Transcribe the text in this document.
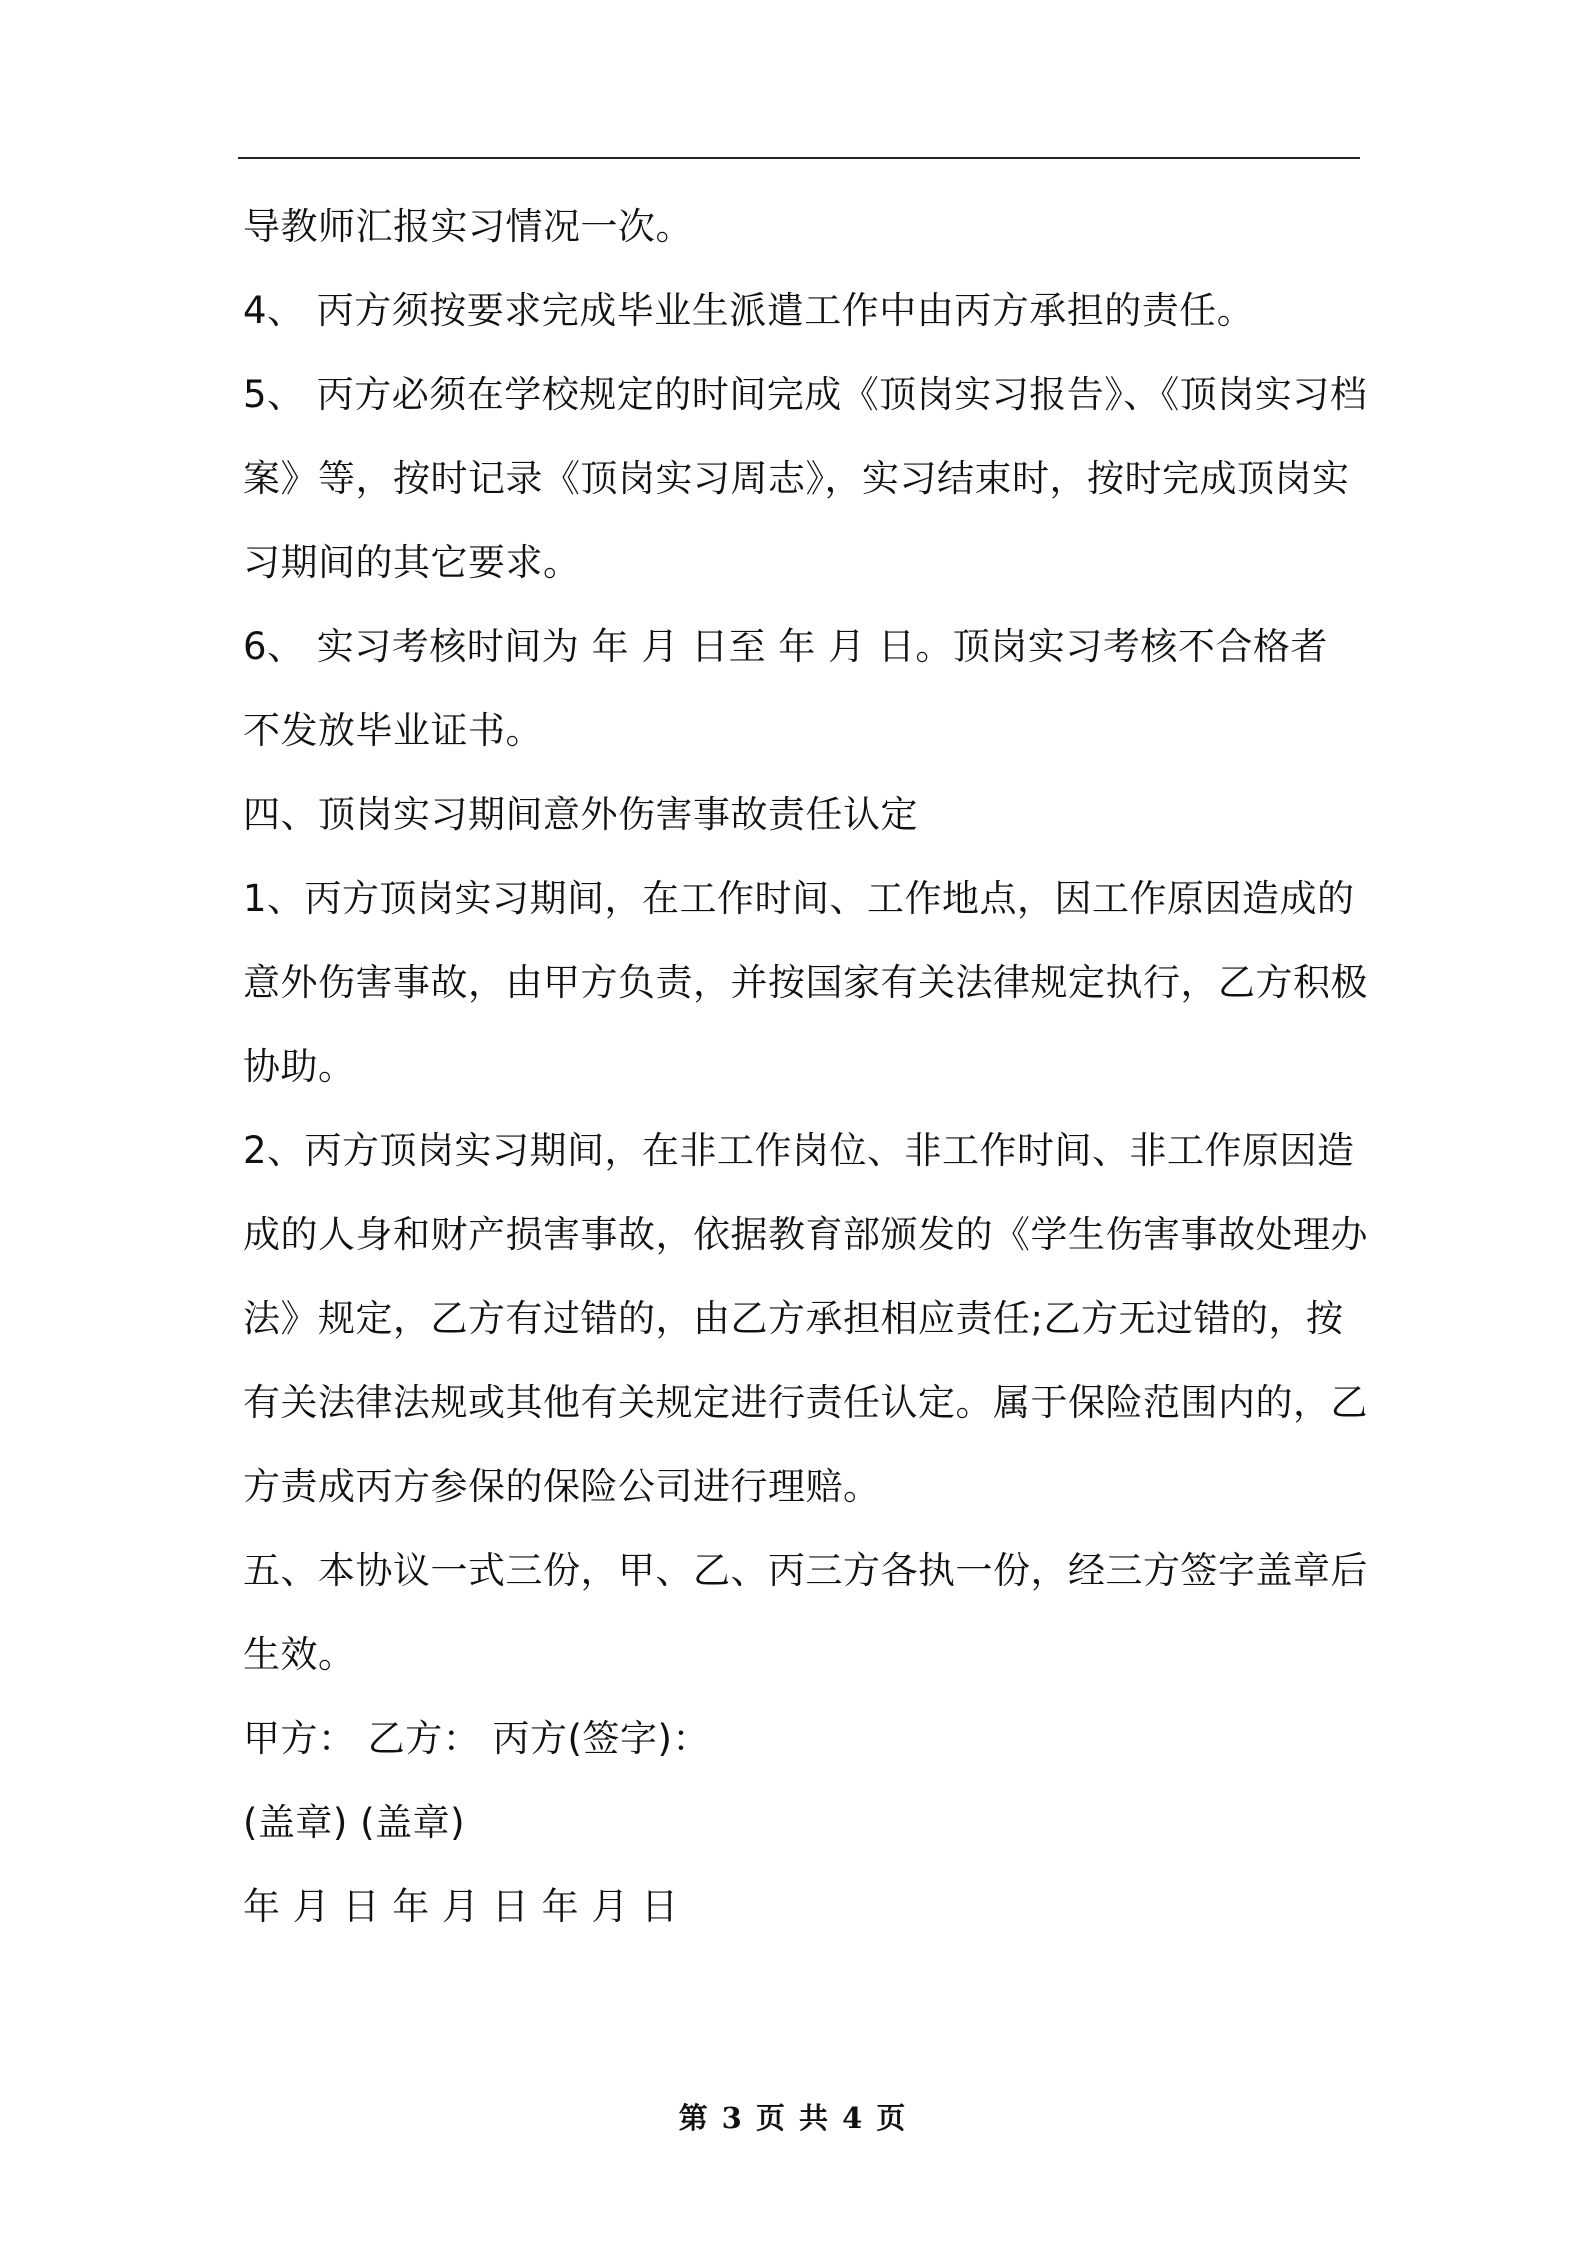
导教师汇报实习情况一次。
4、 丙方须按要求完成毕业生派遣工作中由丙方承担的责任。
5、 丙方必须在学校规定的时间完成《顶岗实习报告》、《顶岗实习档
案》等，按时记录《顶岗实习周志》，实习结束时，按时完成顶岗实
习期间的其它要求。
6、 实习考核时间为 年 月 日至 年 月 日。顶岗实习考核不合格者
不发放毕业证书。
四、顶岗实习期间意外伤害事故责任认定
1、丙方顶岗实习期间，在工作时间、工作地点，因工作原因造成的
意外伤害事故，由甲方负责，并按国家有关法律规定执行，乙方积极
协助。
2、丙方顶岗实习期间，在非工作岗位、非工作时间、非工作原因造
成的人身和财产损害事故，依据教育部颁发的《学生伤害事故处理办
法》规定，乙方有过错的，由乙方承担相应责任;乙方无过错的，按
有关法律法规或其他有关规定进行责任认定。属于保险范围内的，乙
方责成丙方参保的保险公司进行理赔。
五、本协议一式三份，甲、乙、丙三方各执一份，经三方签字盖章后
生效。
甲方： 乙方： 丙方(签字)：
(盖章) (盖章)
年 月 日 年 月 日 年 月 日
第 3 页 共 4 页
